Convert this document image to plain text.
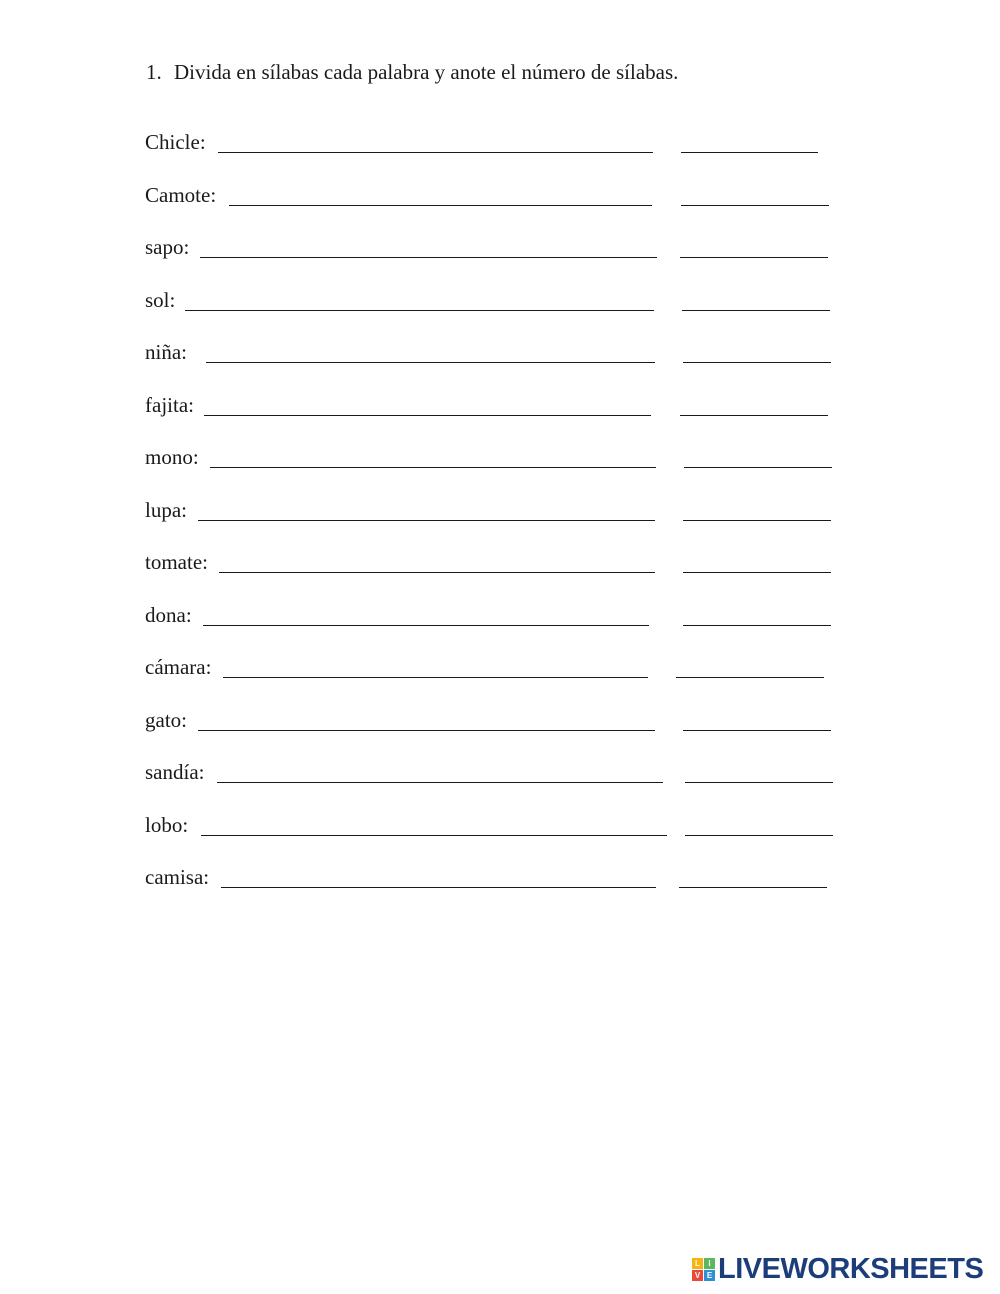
1. Divida en sílabas cada palabra y anote el número de sílabas.
Chicle:
Camote:
sapo:
sol:
niña:
fajita:
mono:
lupa:
tomate:
dona:
cámara:
gato:
sandía:
lobo:
camisa:
L	I
V E LIVEWORKSHEETS
